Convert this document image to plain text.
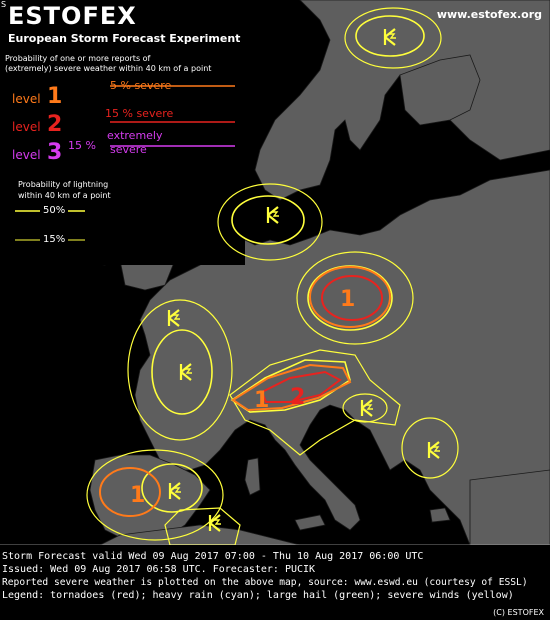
1
2
1
1
S ESTOFEX
European Storm Forecast Experiment
www.estofex.org
Probability of one or more reports of
(extremely) severe weather within 40 km of a point
level 1	5 % severe
level 2	15 % severe
level 3 15 %
extremely
severe
Probability of lightning
within 40 km of a point
50%
15%
Storm Forecast valid Wed 09 Aug 2017 07:00 - Thu 10 Aug 2017 06:00 UTC
Issued: Wed 09 Aug 2017 06:58 UTC. Forecaster: PUCIK
Reported severe weather is plotted on the above map, source: www.eswd.eu (courtesy of ESSL)
Legend: tornadoes (red); heavy rain (cyan); large hail (green); severe winds (yellow)
(C) ESTOFEX
